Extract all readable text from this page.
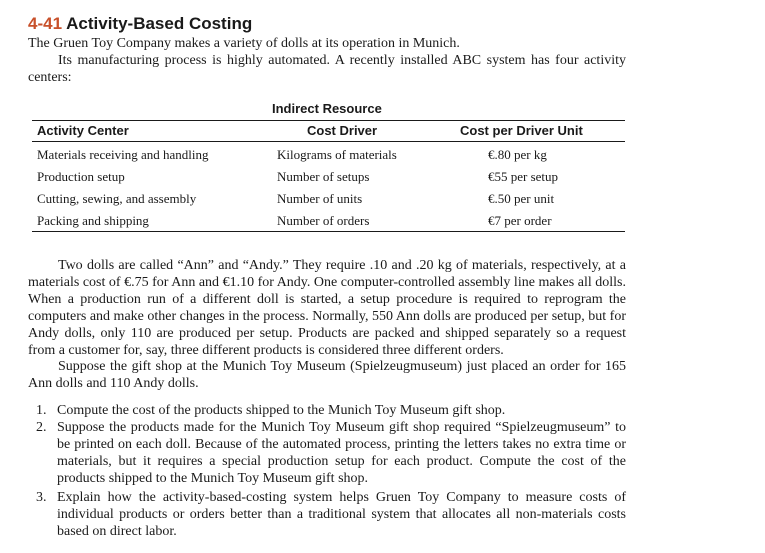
4-41 Activity-Based Costing
The Gruen Toy Company makes a variety of dolls at its operation in Munich.
Its manufacturing process is highly automated. A recently installed ABC system has four activity centers:
Indirect Resource
Activity Center	Cost Driver	Cost per Driver Unit
Materials receiving and handling	Kilograms of materials	€.80 per kg
Production setup	Number of setups	€55 per setup
Cutting, sewing, and assembly	Number of units	€.50 per unit
Packing and shipping	Number of orders	€7 per order
Two dolls are called “Ann” and “Andy.” They require .10 and .20 kg of materials, respectively, at a materials cost of €.75 for Ann and €1.10 for Andy. One computer-controlled assembly line makes all dolls. When a production run of a different doll is started, a setup procedure is required to reprogram the computers and make other changes in the process. Normally, 550 Ann dolls are produced per setup, but for Andy dolls, only 110 are produced per setup. Products are packed and shipped separately so a request from a customer for, say, three different products is considered three different orders.
Suppose the gift shop at the Munich Toy Museum (Spielzeugmuseum) just placed an order for 165 Ann dolls and 110 Andy dolls.
1. Compute the cost of the products shipped to the Munich Toy Museum gift shop.
2. Suppose the products made for the Munich Toy Museum gift shop required “Spielzeugmuseum” to be printed on each doll. Because of the automated process, printing the letters takes no extra time or materials, but it requires a special production setup for each product. Compute the cost of the products shipped to the Munich Toy Museum gift shop.
3. Explain how the activity-based-costing system helps Gruen Toy Company to measure costs of individual products or orders better than a traditional system that allocates all non-materials costs based on direct labor.
